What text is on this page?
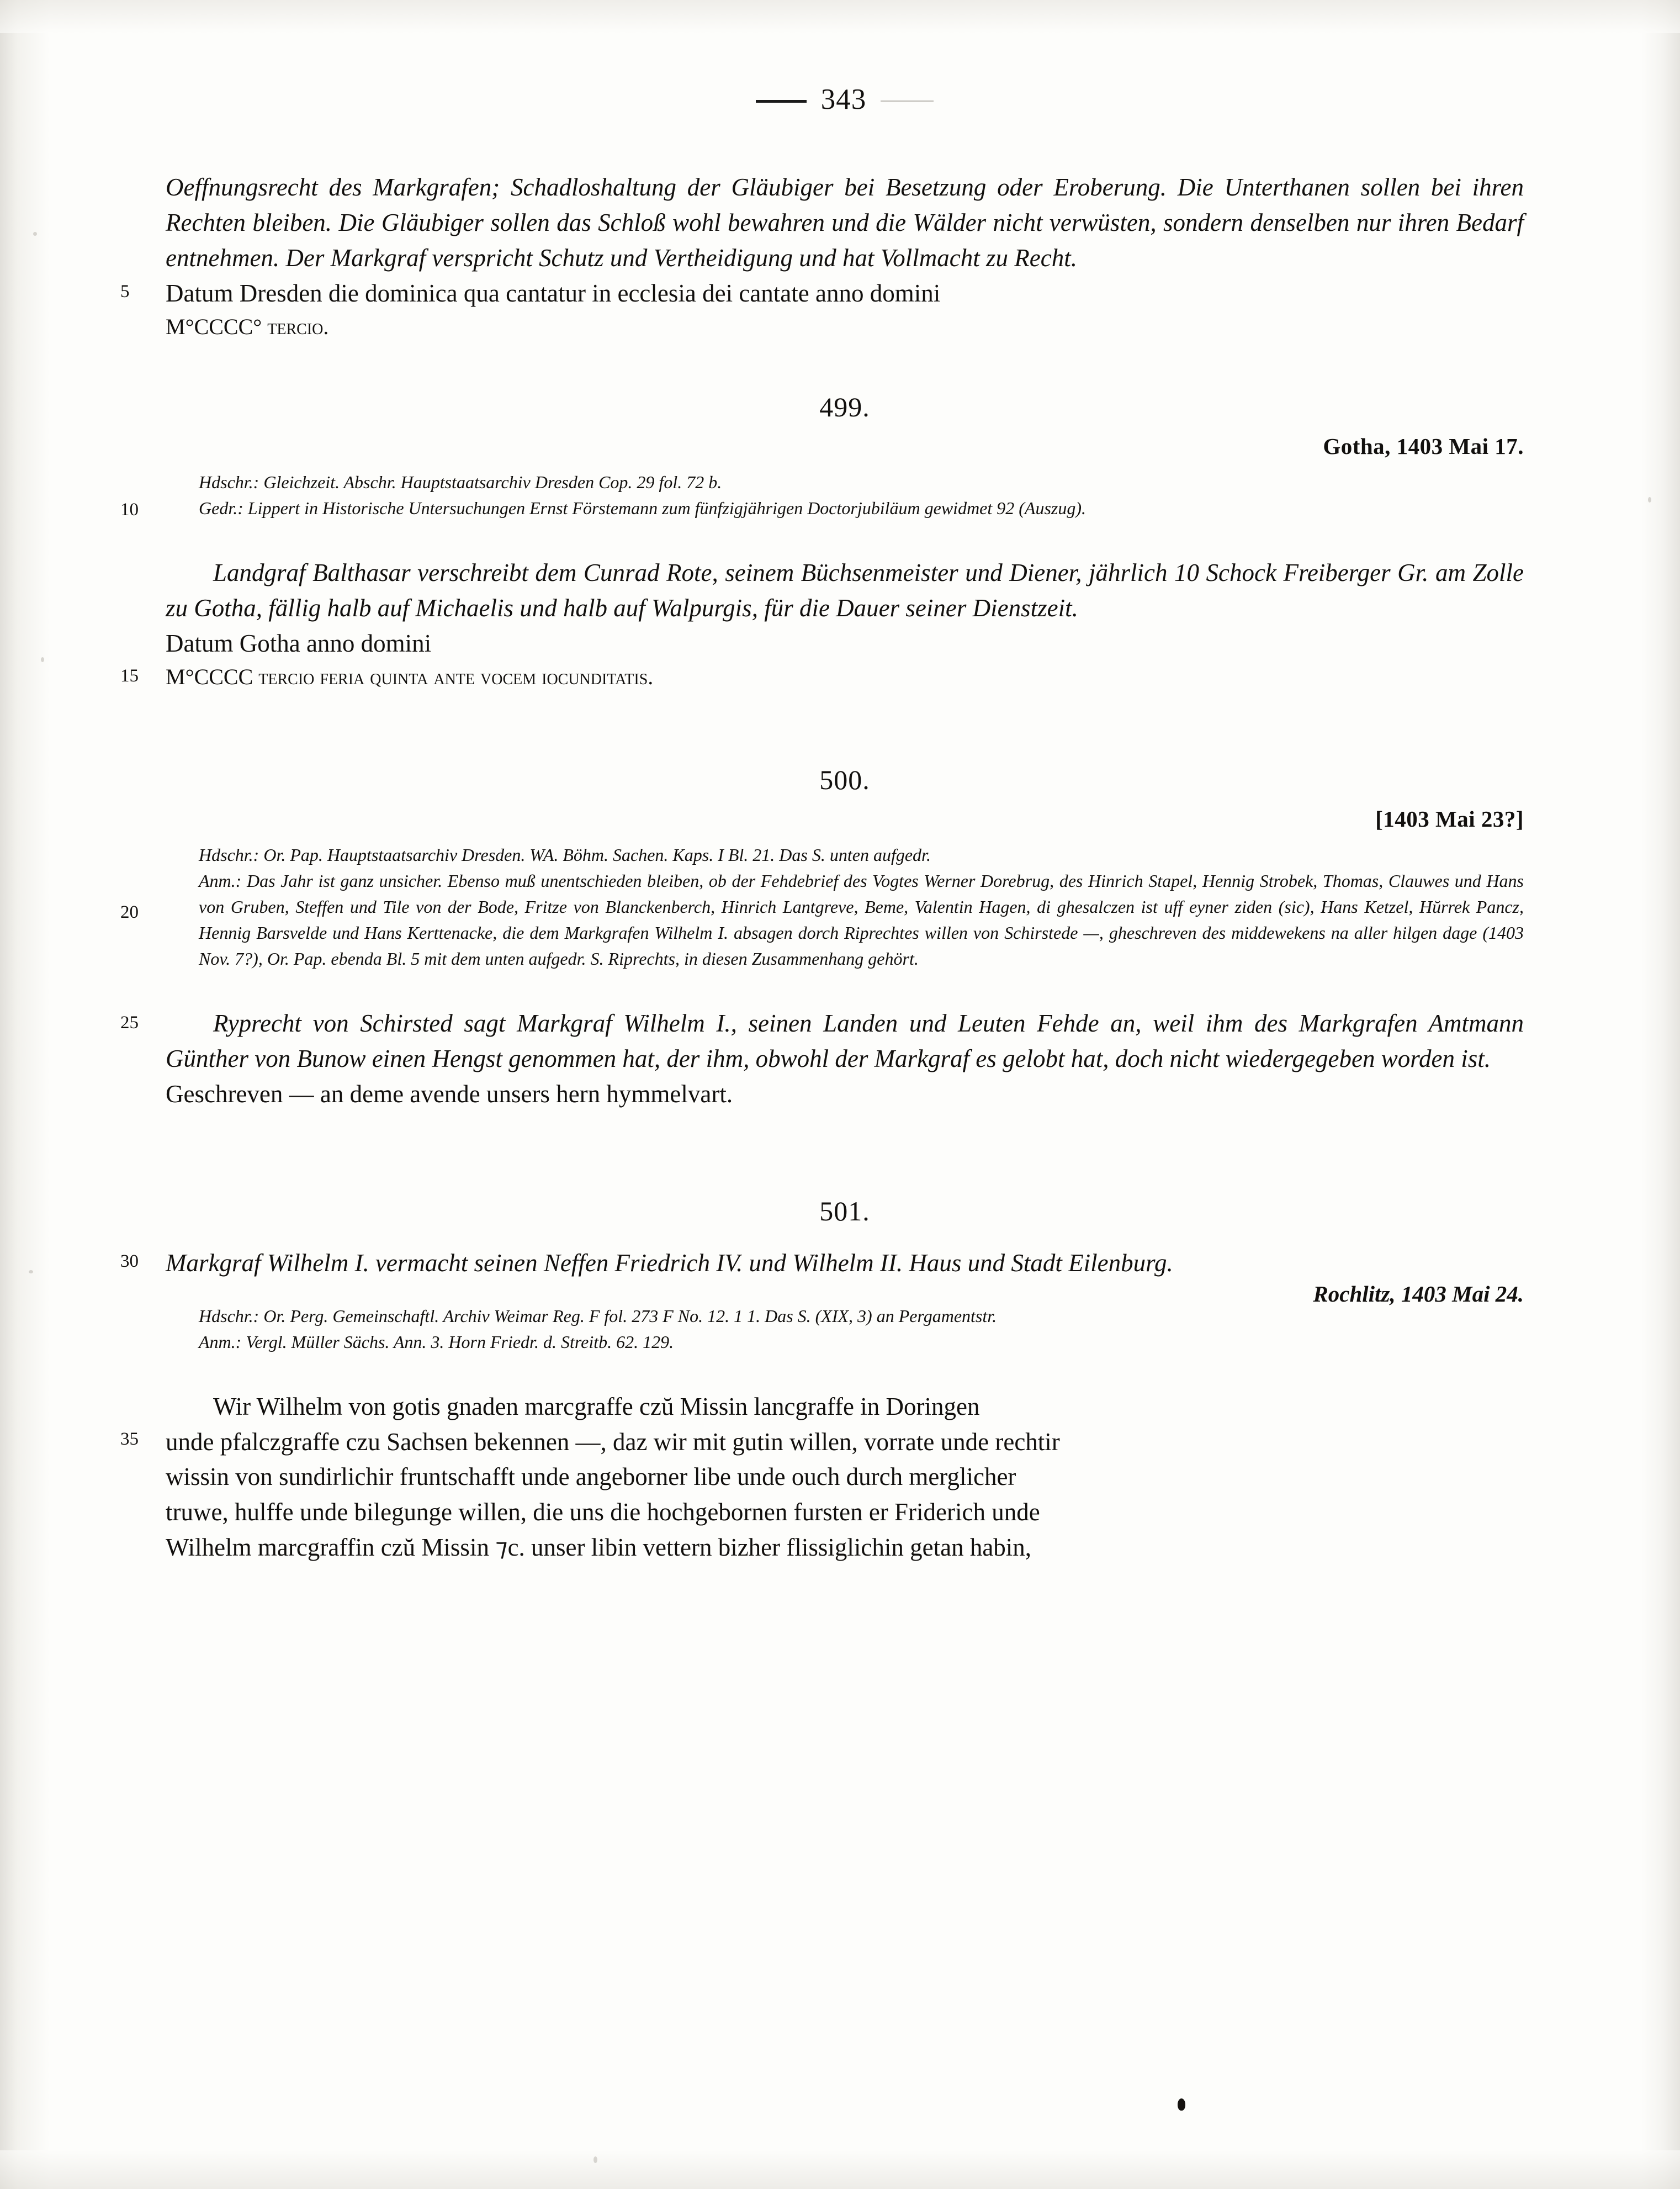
343
Oeffnungsrecht des Markgrafen; Schadloshaltung der Gläubiger bei Besetzung oder Eroberung. Die Unterthanen sollen bei ihren Rechten bleiben. Die Gläubiger sollen das Schloß wohl bewahren und die Wälder nicht verwüsten, sondern denselben nur ihren Bedarf entnehmen. Der Markgraf verspricht Schutz und Vertheidigung und hat Vollmacht zu Recht.
5 Datum Dresden die dominica qua cantatur in ecclesia dei cantate anno domini
M°CCCC° tercio.
499.
Gotha, 1403 Mai 17.
Hdschr.: Gleichzeit. Abschr. Hauptstaatsarchiv Dresden Cop. 29 fol. 72 b.
10	Gedr.: Lippert in Historische Untersuchungen Ernst Förstemann zum fünfzigjährigen Doctorjubiläum gewidmet 92 (Auszug).
Landgraf Balthasar verschreibt dem Cunrad Rote, seinem Büchsenmeister und Diener, jährlich 10 Schock Freiberger Gr. am Zolle zu Gotha, fällig halb auf Michaelis und halb auf Walpurgis, für die Dauer seiner Dienstzeit.
Datum Gotha anno domini
15 M°CCCC tercio feria quinta ante vocem iocunditatis.
500.
[1403 Mai 23?]
Hdschr.: Or. Pap. Hauptstaatsarchiv Dresden. WA. Böhm. Sachen. Kaps. I Bl. 21. Das S. unten aufgedr.
20
Anm.: Das Jahr ist ganz unsicher. Ebenso muß unentschieden bleiben, ob der Fehdebrief des Vogtes Werner Dorebrug, des Hinrich Stapel, Hennig Strobek, Thomas, Clauwes und Hans von Gruben, Steffen und Tile von der Bode, Fritze von Blanckenberch, Hinrich Lantgreve, Beme, Valentin Hagen, di ghesalczen ist uff eyner ziden (sic), Hans Ketzel, Hŭrrek Pancz, Hennig Barsvelde und Hans Kerttenacke, die dem Markgrafen Wilhelm I. absagen dorch Riprechtes willen von Schirstede —, gheschreven des middewekens na aller hilgen dage (1403 Nov. 7?), Or. Pap. ebenda Bl. 5 mit dem unten aufgedr. S. Riprechts, in diesen Zusammenhang gehört.
25	Ryprecht von Schirsted sagt Markgraf Wilhelm I., seinen Landen und Leuten Fehde an, weil ihm des Markgrafen Amtmann Günther von Bunow einen Hengst genommen hat, der ihm, obwohl der Markgraf es gelobt hat, doch nicht wiedergegeben worden ist.
Geschreven — an deme avende unsers hern hymmelvart.
501.
30
Rochlitz, 1403 Mai 24.
Markgraf Wilhelm I. vermacht seinen Neffen Friedrich IV. und Wilhelm II. Haus und Stadt Eilenburg.
Hdschr.: Or. Perg. Gemeinschaftl. Archiv Weimar Reg. F fol. 273 F No. 12. 1 1. Das S. (XIX, 3) an Pergamentstr.
Anm.: Vergl. Müller Sächs. Ann. 3. Horn Friedr. d. Streitb. 62. 129.
Wir Wilhelm von gotis gnaden marcgraffe czŭ Missin lancgraffe in Doringen
35 unde pfalczgraffe czu Sachsen bekennen —, daz wir mit gutin willen, vorrate unde rechtir
wissin von sundirlichir fruntschafft unde angeborner libe unde ouch durch merglicher
truwe, hulffe unde bilegunge willen, die uns die hochgebornen fursten er Friderich unde
Wilhelm marcgraffin czŭ Missin ⁊c. unser libin vettern bizher flissiglichin getan habin,
